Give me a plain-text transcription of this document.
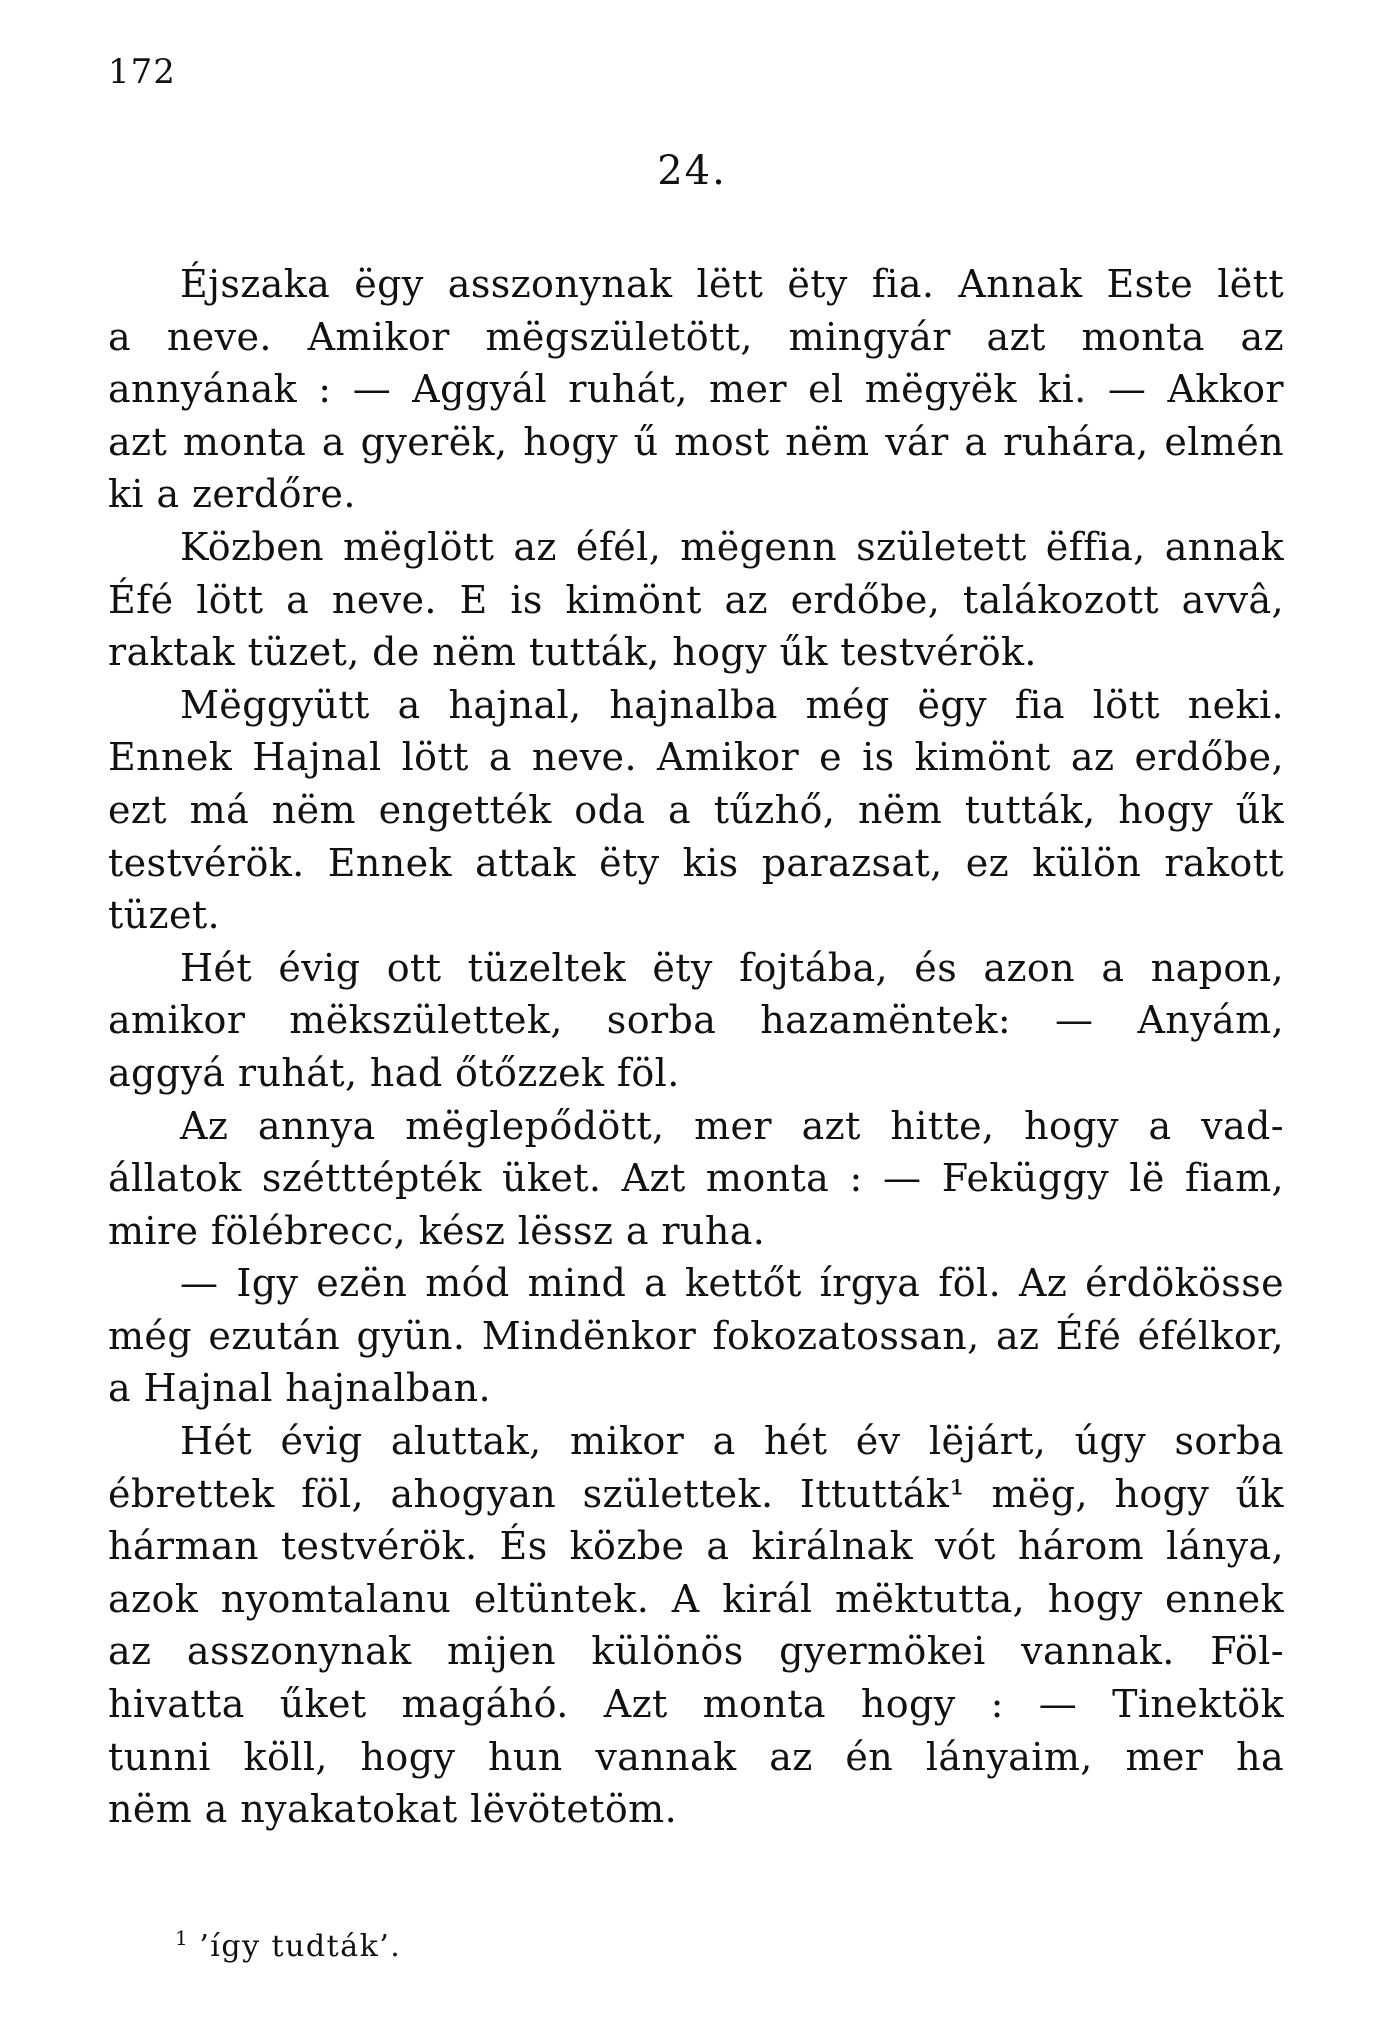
172
24.
Éjszaka ëgy asszonynak lëtt ëty fia. Annak Este lëtt
a neve. Amikor mëgszületött, mingyár azt monta az
annyának : — Aggyál ruhát, mer el mëgyëk ki. — Akkor
azt monta a gyerëk, hogy ű most nëm vár a ruhára, elmén
ki a zerdőre.
Közben mëglött az éfél, mëgenn született ëffia, annak
Éfé lött a neve. E is kimönt az erdőbe, talákozott avvâ,
raktak tüzet, de nëm tutták, hogy űk testvérök.
Mëggyütt a hajnal, hajnalba még ëgy fia lött neki.
Ennek Hajnal lött a neve. Amikor e is kimönt az erdőbe,
ezt má nëm engették oda a tűzhő, nëm tutták, hogy űk
testvérök. Ennek attak ëty kis parazsat, ez külön rakott
tüzet.
Hét évig ott tüzeltek ëty fojtába, és azon a napon,
amikor mëkszülettek, sorba hazamëntek: — Anyám,
aggyá ruhát, had őtőzzek föl.
Az annya mëglepődött, mer azt hitte, hogy a vad-
állatok szétttépték üket. Azt monta : — Feküggy lë fiam,
mire fölébrecc, kész lëssz a ruha.
— Igy ezën mód mind a kettőt írgya föl. Az érdökösse
még ezután gyün. Mindënkor fokozatossan, az Éfé éfélkor,
a Hajnal hajnalban.
Hét évig aluttak, mikor a hét év lëjárt, úgy sorba
ébrettek föl, ahogyan születtek. Ittutták¹ mëg, hogy űk
hárman testvérök. És közbe a királnak vót három lánya,
azok nyomtalanu eltüntek. A királ mëktutta, hogy ennek
az asszonynak mijen különös gyermökei vannak. Föl-
hivatta űket magáhó. Azt monta hogy : — Tinektök
tunni köll, hogy hun vannak az én lányaim, mer ha
nëm a nyakatokat lëvötetöm.
$^1$ ’így tudták’.
